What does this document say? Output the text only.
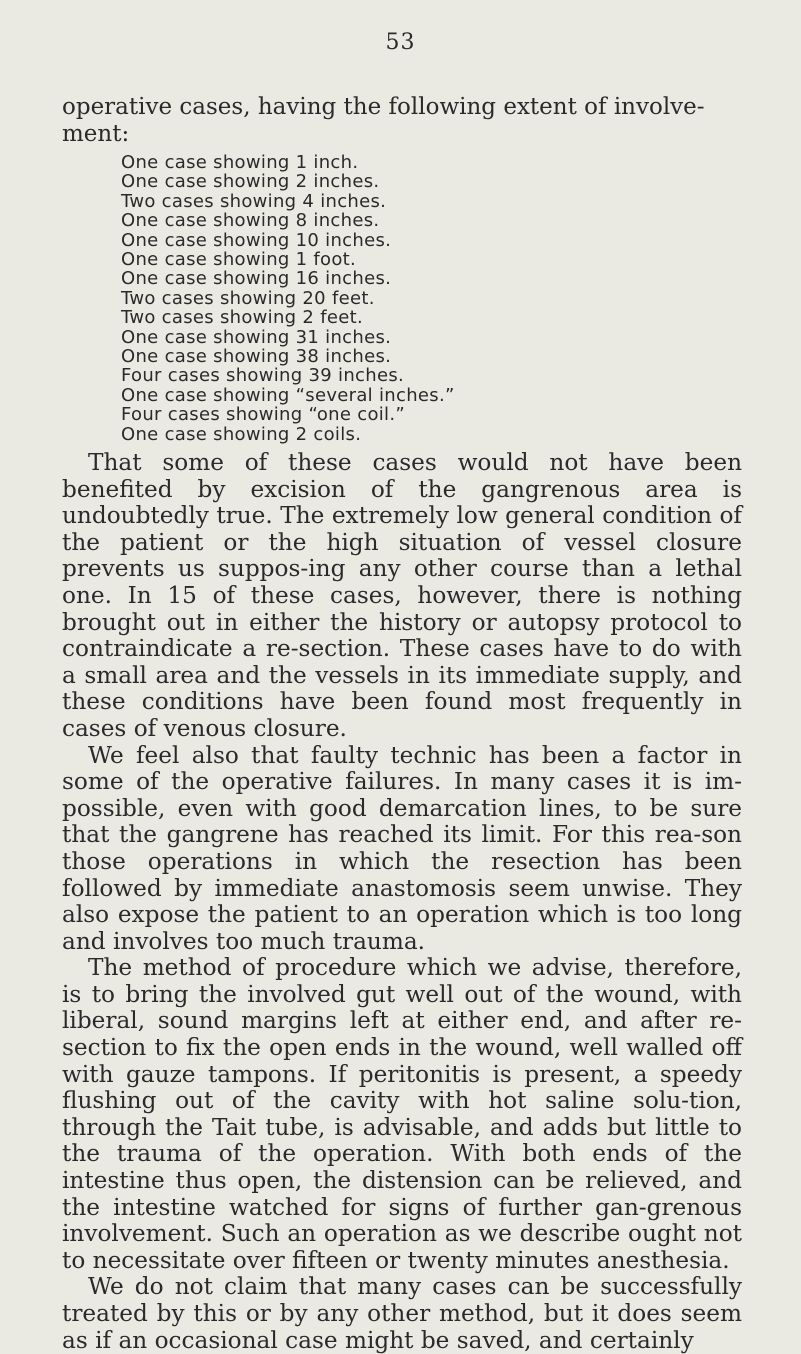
53

operative cases, having the following extent of involve-
ment:

One case showing 1 inch.
One case showing 2 inches.
Two cases showing 4 inches.
One case showing 8 inches.
One case showing 10 inches.
One case showing 1 foot.
One case showing 16 inches.
Two cases showing 20 feet.
Two cases showing 2 feet.
One case showing 31 inches.
One case showing 38 inches.
Four cases showing 39 inches.
One case showing “several inches.”
Four cases showing “one coil.”
One case showing 2 coils.

That some of these cases would not have been benefited by excision of the gangrenous area is undoubtedly true. The extremely low general condition of the patient or the high situation of vessel closure prevents us suppos-ing any other course than a lethal one. In 15 of these cases, however, there is nothing brought out in either the history or autopsy protocol to contraindicate a re-section. These cases have to do with a small area and the vessels in its immediate supply, and these conditions have been found most frequently in cases of venous closure.

We feel also that faulty technic has been a factor in some of the operative failures. In many cases it is im-possible, even with good demarcation lines, to be sure that the gangrene has reached its limit. For this rea-son those operations in which the resection has been followed by immediate anastomosis seem unwise. They also expose the patient to an operation which is too long and involves too much trauma.

The method of procedure which we advise, therefore, is to bring the involved gut well out of the wound, with liberal, sound margins left at either end, and after re-section to fix the open ends in the wound, well walled off with gauze tampons. If peritonitis is present, a speedy flushing out of the cavity with hot saline solu-tion, through the Tait tube, is advisable, and adds but little to the trauma of the operation. With both ends of the intestine thus open, the distension can be relieved, and the intestine watched for signs of further gan-grenous involvement. Such an operation as we describe ought not to necessitate over fifteen or twenty minutes anesthesia.

We do not claim that many cases can be successfully treated by this or by any other method, but it does seem as if an occasional case might be saved, and certainly
